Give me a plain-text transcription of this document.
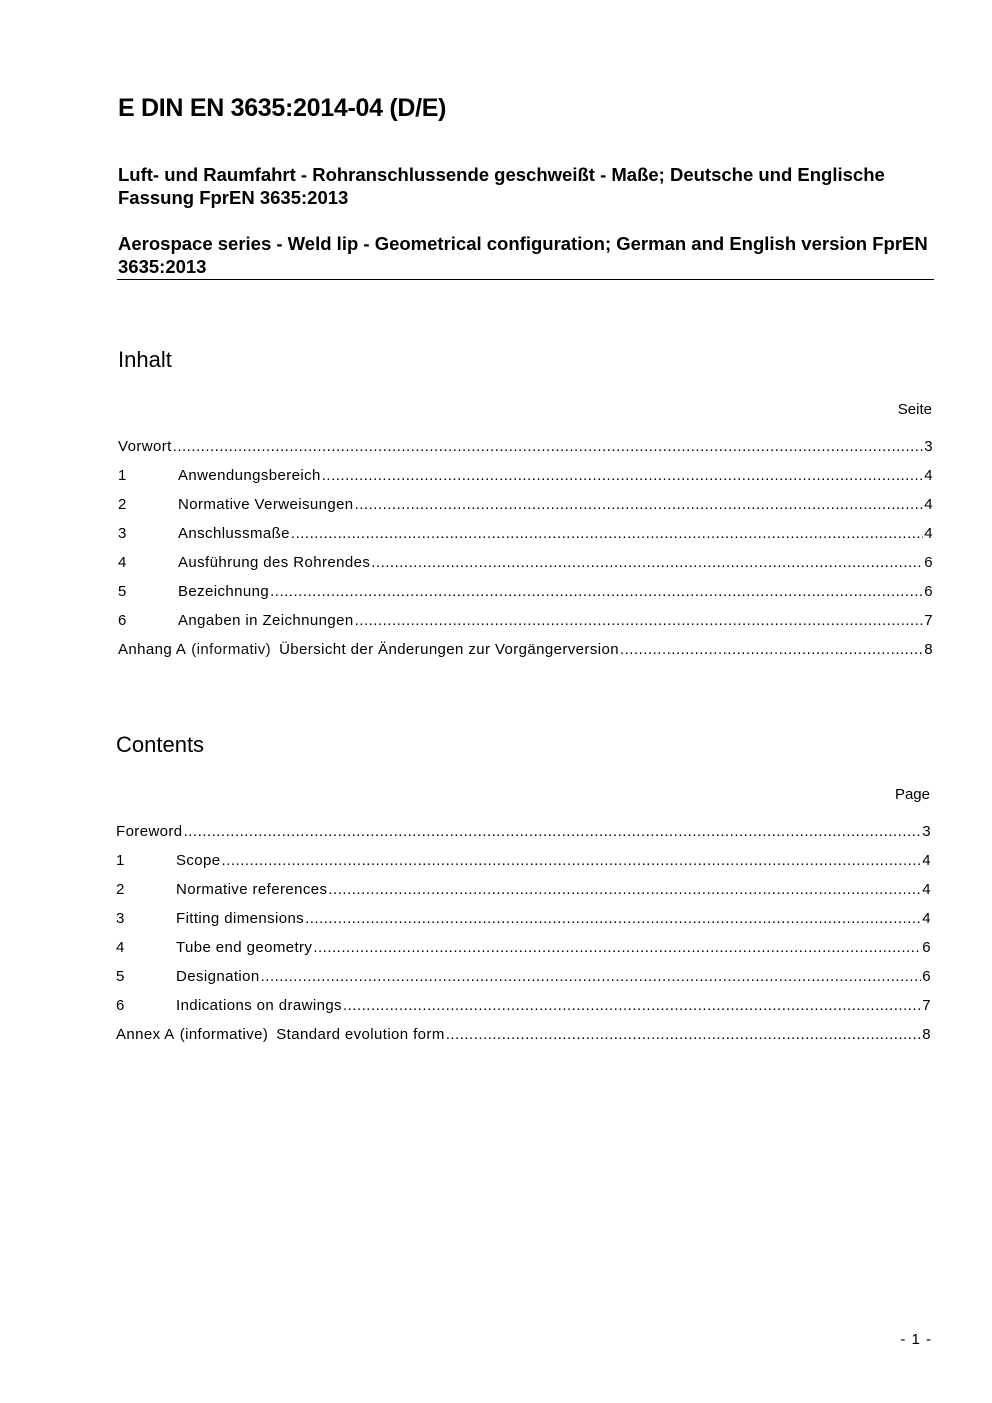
E DIN EN 3635:2014-04 (D/E)

Luft- und Raumfahrt - Rohranschlussende geschweißt - Maße; Deutsche und Englische Fassung FprEN 3635:2013

Aerospace series - Weld lip - Geometrical configuration; German and English version FprEN 3635:2013

Inhalt
Seite
Vorwort .....	3
1	Anwendungsbereich .....	4
2	Normative Verweisungen .....	4
3	Anschlussmaße .....	4
4	Ausführung des Rohrendes .....	6
5	Bezeichnung .....	6
6	Angaben in Zeichnungen .....	7
Anhang A (informativ) Übersicht der Änderungen zur Vorgängerversion .....	8
Contents
Page
Foreword .....	3
1	Scope .....	4
2	Normative references .....	4
3	Fitting dimensions .....	4
4	Tube end geometry .....	6
5	Designation .....	6
6	Indications on drawings .....	7
Annex A (informative) Standard evolution form .....	8
- 1 -
